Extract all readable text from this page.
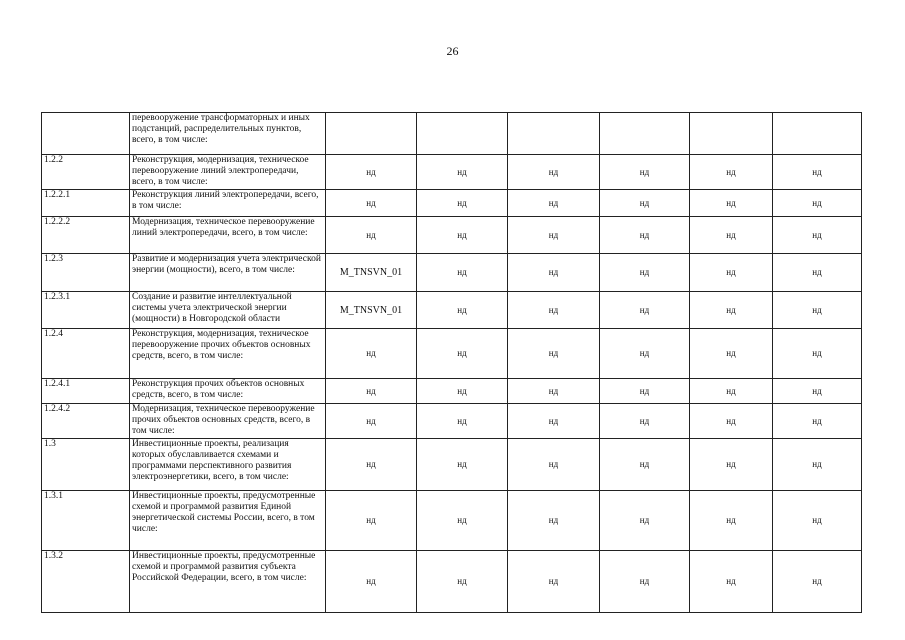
26
	перевооружение трансформаторных и иных подстанций, распределительных пунктов, всего, в том числе:						
1.2.2	Реконструкция, модернизация, техническое перевооружение линий электропередачи, всего, в том числе:	нд	нд	нд	нд	нд	нд
1.2.2.1	Реконструкция линий электропередачи, всего, в том числе:	нд	нд	нд	нд	нд	нд
1.2.2.2	Модернизация, техническое перевооружение линий электропередачи, всего, в том числе:	нд	нд	нд	нд	нд	нд
1.2.3	Развитие и модернизация учета электрической энергии (мощности), всего, в том числе:	M_TNSVN_01	нд	нд	нд	нд	нд
1.2.3.1	Создание и развитие интеллектуальной системы учета электрической энергии (мощности) в Новгородской области	M_TNSVN_01	нд	нд	нд	нд	нд
1.2.4	Реконструкция, модернизация, техническое перевооружение прочих объектов основных средств, всего, в том числе:	нд	нд	нд	нд	нд	нд
1.2.4.1	Реконструкция прочих объектов основных средств, всего, в том числе:	нд	нд	нд	нд	нд	нд
1.2.4.2	Модернизация, техническое перевооружение прочих объектов основных средств, всего, в том числе:	нд	нд	нд	нд	нд	нд
1.3	Инвестиционные проекты, реализация которых обуславливается схемами и программами перспективного развития электроэнергетики, всего, в том числе:	нд	нд	нд	нд	нд	нд
1.3.1	Инвестиционные проекты, предусмотренные схемой и программой развития Единой энергетической системы России, всего, в том числе:	нд	нд	нд	нд	нд	нд
1.3.2	Инвестиционные проекты, предусмотренные схемой и программой развития субъекта Российской Федерации, всего, в том числе:	нд	нд	нд	нд	нд	нд
